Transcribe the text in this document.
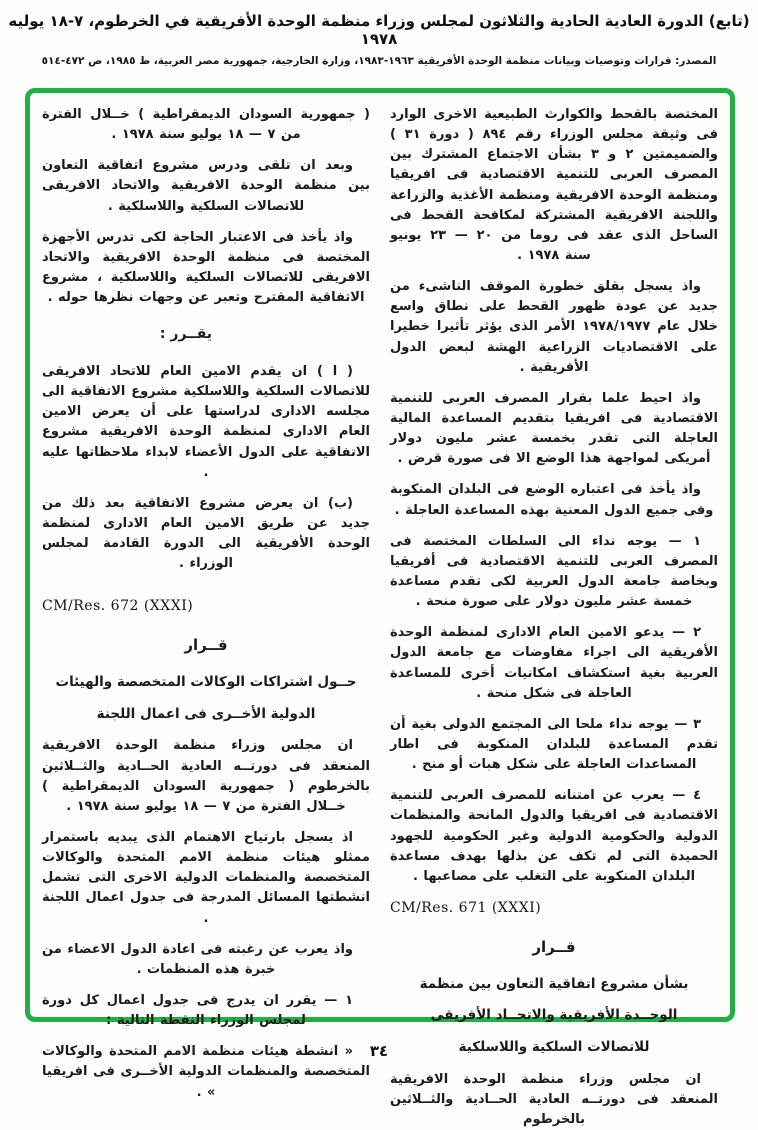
(تابع) الدورة العادية الحادية والثلاثون لمجلس وزراء منظمة الوحدة الأفريقية في الخرطوم، ٧-١٨ يوليه ١٩٧٨
المصدر: قرارات وتوصيات وبيانات منظمة الوحدة الأفريقية ١٩٦٣-١٩٨٣، وزارة الخارجية، جمهورية مصر العربية، ط ١٩٨٥، ص ٤٧٢-٥١٤

المختصة بالقحط والكوارث الطبيعية الاخرى الوارد فى وثيقة مجلس الوزراء رقم ٨٩٤ ( دورة ٣١ ) والضميمتين ٢ و ٣ بشأن الاجتماع المشترك بين المصرف العربى للتنمية الاقتصادية فى افريقيا ومنظمة الوحدة الافريقية ومنظمة الأغذية والزراعة واللجنة الافريقية المشتركة لمكافحة القحط فى الساحل الذى عقد فى روما من ٢٠ — ٢٣ يونيو سنة ١٩٧٨ .

واذ يسجل بقلق خطورة الموقف الناشىء من جديد عن عودة ظهور القحط على نطاق واسع خلال عام ١٩٧٨/١٩٧٧ الأمر الذى يؤثر تأثيرا خطيرا على الاقتصاديات الزراعية الهشة لبعض الدول الأفريقية .

واذ احيط علما بقرار المصرف العربى للتنمية الاقتصادية فى افريقيا بتقديم المساعدة المالية العاجلة التى تقدر بخمسة عشر مليون دولار أمريكى لمواجهة هذا الوضع الا فى صورة قرض .

واذ يأخذ فى اعتباره الوضع فى البلدان المنكوبة وفى جميع الدول المعنية بهذه المساعدة العاجلة .

١ — يوجه نداء الى السلطات المختصة فى المصرف العربى للتنمية الاقتصادية فى أفريقيا وبخاصة جامعة الدول العربية لكى تقدم مساعدة خمسة عشر مليون دولار على صورة منحة .

٢ — يدعو الامين العام الادارى لمنظمة الوحدة الأفريقية الى اجراء مفاوضات مع جامعة الدول العربية بغية استكشاف امكانيات أخرى للمساعدة العاجلة فى شكل منحة .

٣ — يوجه نداء ملحا الى المجتمع الدولى بغية أن تقدم المساعدة للبلدان المنكوبة فى اطار المساعدات العاجلة على شكل هبات أو منح .

٤ — يعرب عن امتنانه للمصرف العربى للتنمية الاقتصادية فى افريقيا والدول المانحة والمنظمات الدولية والحكومية الدولية وغير الحكومية للجهود الحميدة التى لم تكف عن بذلها بهدف مساعدة البلدان المنكوبة على التغلب على مصاعبها .

CM/Res. 671 (XXXI)
قــرار
بشأن مشروع اتفاقية التعاون بين منظمة
الوحــدة الأفريقية والاتحــاد الأفريقى
للاتصالات السلكية واللاسلكية

ان مجلس وزراء منظمة الوحدة الافريقية المنعقد فى دورتــه العادية الحــادية والثــلاثين بالخرطوم

( جمهورية السودان الديمقراطية ) خــلال الفترة من ٧ — ١٨ يوليو سنة ١٩٧٨ .

وبعد ان تلقى ودرس مشروع اتفاقية التعاون بين منظمة الوحدة الافريقية والاتحاد الافريقى للاتصالات السلكية واللاسلكية .

واذ يأخذ فى الاعتبار الحاجة لكى تدرس الأجهزة المختصة فى منظمة الوحدة الافريقية والاتحاد الافريقى للاتصالات السلكية واللاسلكية ، مشروع الاتفاقية المقترح وتعبر عن وجهات نظرها حوله .

يقــرر :

( ا ) ان يقدم الامين العام للاتحاد الافريقى للاتصالات السلكية واللاسلكية مشروع الاتفاقية الى مجلسه الادارى لدراستها على أن يعرض الامين العام الادارى لمنظمة الوحدة الافريقية مشروع الاتفاقية على الدول الأعضاء لابداء ملاحظاتها عليه .

(ب) ان يعرض مشروع الاتفاقية بعد ذلك من جديد عن طريق الامين العام الادارى لمنظمة الوحدة الأفريقية الى الدورة القادمة لمجلس الوزراء .

CM/Res. 672 (XXXI)
قــرار
حــول اشتراكات الوكالات المتخصصة والهيئات
الدولية الأخــرى فى اعمال اللجنة

ان مجلس وزراء منظمة الوحدة الافريقية المنعقد فى دورتــه العادية الحــادية والثــلاثين بالخرطوم ( جمهورية السودان الديمقراطية ) خــلال الفترة من ٧ — ١٨ يوليو سنة ١٩٧٨ .

اذ يسجل بارتياح الاهتمام الذى يبديه باستمرار ممثلو هيئات منظمة الامم المتحدة والوكالات المتخصصة والمنظمات الدولية الاخرى التى تشمل انشطتها المسائل المدرجة فى جدول اعمال اللجنة .

واذ يعرب عن رغبته فى اعادة الدول الاعضاء من خبرة هذه المنظمات .

١ — يقرر ان يدرج فى جدول اعمال كل دورة لمجلس الوزراء النقطة التالية :

« انشطة هيئات منظمة الامم المتحدة والوكالات المتخصصة والمنظمات الدولية الأخــرى فى افريقيا » .

٣٤
